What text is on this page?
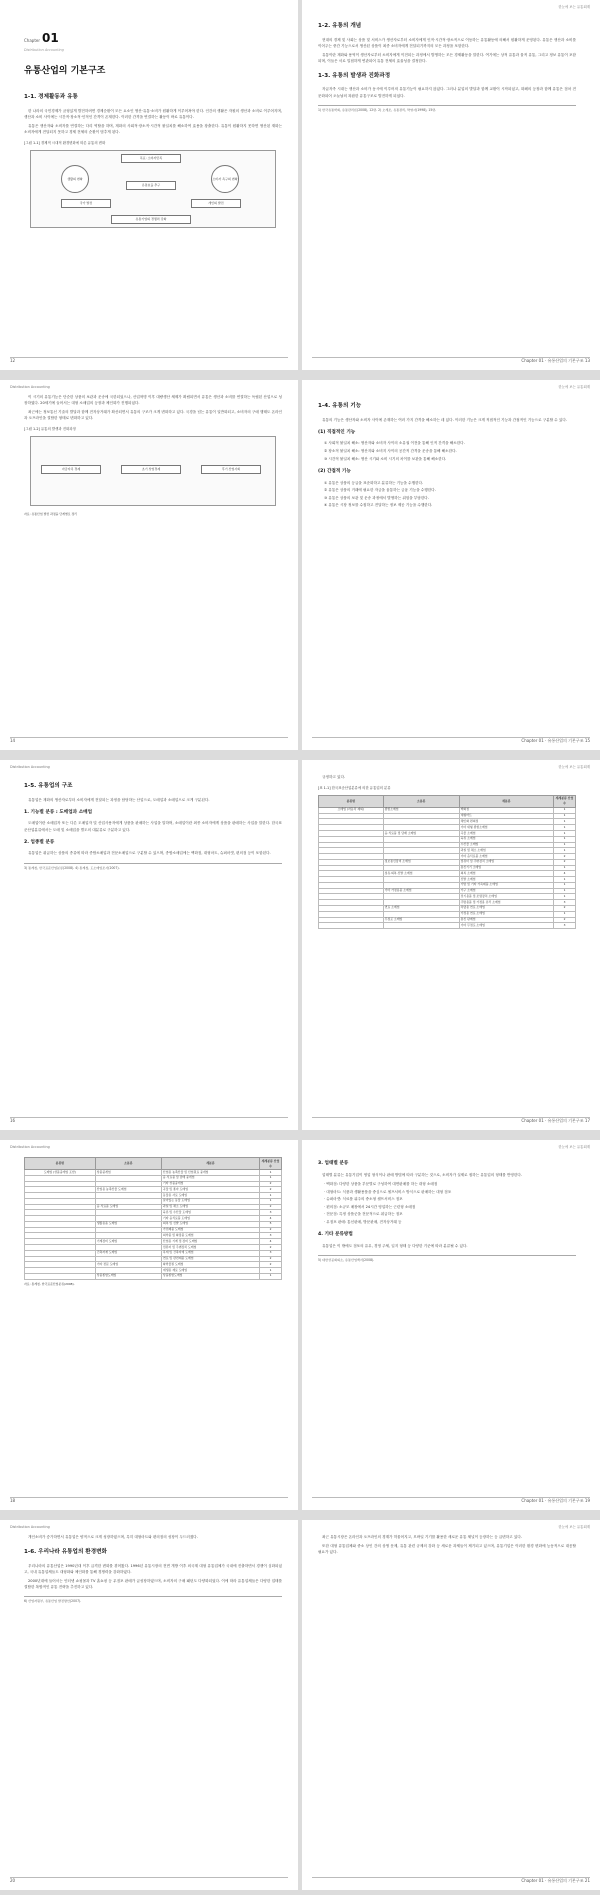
Chapter 01
Distribution Accounting
유통산업의 기본구조
1-1. 경제활동과 유통

한 나라의 국민경제가 균형있게 발전하려면 경제순환이 모든 요소인 생산·유통·소비가 원활하게 이루어져야 한다. 인간의 생활은 자원의 생산과 소비로 이루어지며, 생산과 소비 사이에는 시간적·장소적·인적인 간격이 존재한다. 이러한 간격을 연결하는 활동이 바로 유통이다.

유통은 생산자와 소비자를 연결하는 다리 역할을 하며, 재화의 사회적·장소적·시간적 불일치를 해소하여 효용을 창출한다. 유통이 원활하지 못하면 생산된 재화는 소비자에게 전달되지 못하고 경제 전체의 순환이 멈추게 된다.

[그림 1-1] 경제적 시대적 환경변화에 따른 유통의 변화
목표: 소비자만족
생활의 변화
유통효율 추구
소비자 욕구의 변화
국가 발전	개인의 발전
유통기업의 경쟁력 강화
12
한눈에 보는 유통회계
1-2. 유통의 개념

현대의 경제 및 사회는 상품 및 서비스가 생산자로부터 소비자에게 인적·시간적·장소적으로 이동하는 유통활동에 의해서 원활하게 운영된다. 유통은 생산과 소비를 이어주는 중간 기능으로서 생산된 상품이 최종 소비자에게 전달되기까지의 모든 과정을 포함한다.

유통이란 재화와 용역이 생산자로부터 소비자에게 이전되는 과정에서 발생하는 모든 경제활동을 말한다. 여기에는 상적 유통과 물적 유통, 그리고 정보 유통이 포함되며, 이들은 서로 밀접하게 연관되어 유통 전체의 효율성을 결정한다.

1-3. 유통의 발생과 진화과정

자급자족 시대는 생산과 소비가 동시에 이루어져 유통기능이 필요하지 않았다. 그러나 분업의 발달과 함께 교환이 시작되었고, 화폐의 등장과 함께 유통은 점차 전문화되어 오늘날의 복잡한 유통구조로 발전하게 되었다.

1) 한국유통학회, 유통관리론(2008), 12면. 2) 오세조, 유통관리, 박영사(1998), 15면.
Chapter 01 · 유통산업의 기본구조 13
Distribution Accounting

이 시기의 유통기능은 단순한 상품의 보관과 운송에 국한되었으나, 산업혁명 이후 대량생산 체제가 확립되면서 유통은 생산과 소비를 연결하는 독립된 산업으로 성장하였다. 20세기에 들어서는 대형 소매업의 등장과 체인화가 진행되었다.

최근에는 정보통신 기술의 발달과 함께 전자상거래가 확산되면서 유통의 구조가 크게 변화하고 있다. 국경을 넘는 유통이 일반화되고, 소비자의 구매 행태도 온라인과 오프라인을 결합한 형태로 변화하고 있다.

[그림 1-2] 유통의 발생과 진화과정
자급자족 경제	초기 상업경제	후기 산업사회
자료: 유통산업 발전 과정을 단계별로 정리
14
한눈에 보는 유통회계
1-4. 유통의 기능

유통의 기능은 생산자와 소비자 사이에 존재하는 여러 가지 간격을 해소하는 데 있다. 이러한 기능은 크게 직접적인 기능과 간접적인 기능으로 구분할 수 있다.

(1) 직접적인 기능

① 사회적 불일치 해소: 생산자와 소비자 사이의 소유권 이전을 통해 인적 간격을 해소한다.

② 장소적 불일치 해소: 생산지와 소비지 사이의 공간적 간격을 운송을 통해 해소한다.

③ 시간적 불일치 해소: 생산 시기와 소비 시기의 차이를 보관을 통해 해소한다.

(2) 간접적 기능

① 유통은 상품의 등급을 표준화하고 분류하는 기능을 수행한다.

② 유통은 상품의 거래에 필요한 자금을 융통하는 금융 기능을 수행한다.

③ 유통은 상품의 보관 및 운송 과정에서 발생하는 위험을 부담한다.

④ 유통은 시장 정보를 수집하고 전달하는 정보 제공 기능을 수행한다.

Chapter 01 · 유통산업의 기본구조 15
Distribution Accounting
1-5. 유통업의 구조

유통업은 재화의 생산자로부터 소비자에게 전달되는 과정을 담당하는 산업으로, 도매업과 소매업으로 크게 구분된다.

1. 기능별 분류 : 도매업과 소매업

도매업이란 소매업자 또는 다른 도매업자 및 산업사용자에게 상품을 판매하는 사업을 말하며, 소매업이란 최종 소비자에게 상품을 판매하는 사업을 말한다. 한국표준산업분류에서는 도매 및 소매업을 별도의 대분류로 구분하고 있다.

2. 업종별 분류

유통업은 취급하는 상품의 종류에 따라 종합소매업과 전문소매업으로 구분할 수 있으며, 종합소매업에는 백화점, 대형마트, 슈퍼마켓, 편의점 등이 포함된다.

3) 통계청, 한국표준산업분류(2008). 4) 통계청, 도소매업조사(2007).
16
한눈에 보는 유통회계

규정하고 있다.

[표 1-1] 한국표준산업분류에 의한 유통업의 분류
분류명	소분류	세분류	세세분류 산업수
소매업 (자동차 제외)	종합소매업	백화점	1
		대형마트	1
		체인화 편의점	1
		기타 대형 종합소매업	1
	음·식료품 및 담배 소매업	곡물 소매업	1
		육류 소매업	1
		수산물 소매업	1
		과실 및 채소 소매업	1
		기타 음식료품 소매업	2
	정보통신장비 소매업	컴퓨터 및 주변장치 소매업	2
		통신기기 소매업	1
	섬유·의복·신발 소매업	의복 소매업	4
		신발 소매업	1
		가방 및 기타 가죽제품 소매업	1
	기타 가정용품 소매업	가구 소매업	1
		전기용품 및 조명장치 소매업	1
		주방용품 및 가정용 유리 소매업	3
	연료 소매업	차량용 연료 소매업	2
		가정용 연료 소매업	1
	무점포 소매업	통신 판매업	2
		기타 무점포 소매업	3
Chapter 01 · 유통산업의 기본구조 17
Distribution Accounting
분류명	소분류	세분류	세세분류 산업수
도매업 (상품중개업 포함)	상품중개업	산업용 농축산물 및 산업원료 중개업	1
		음·식료품 및 담배 중개업	1
		기타 상품중개업	2
	산업용 농축산물 도매업	곡물 및 종자 도매업	2
		동물용 사료 도매업	1
		살아있는 동물 도매업	1
	음·식료품 도매업	과실 및 채소 도매업	2
		육류 및 수산물 도매업	3
		기타 음식료품 도매업	4
	생활용품 도매업	의복 및 신발 도매업	5
		가전제품 도매업	2
		의약품 및 화장품 도매업	3
	기계장비 도매업	산업용 기계 및 장비 도매업	4
		컴퓨터 및 주변장치 도매업	2
	건축자재 도매업	목재 및 건축자재 도매업	3
		연료 및 관련제품 도매업	2
	기타 전문 도매업	화학물질 도매업	2
		재생용 재료 도매업	1
	상품종합도매업	상품종합도매업	1
자료: 통계청, 한국표준산업분류(2008).
18
한눈에 보는 유통회계
3. 업태별 분류

업태별 분류는 유통기업이 영업 형식이나 판매 방법에 따라 구분하는 것으로, 소비자가 실제로 접하는 유통업의 형태를 반영한다.

· 백화점: 다양한 상품을 부문별로 구성하여 대면판매를 하는 대형 소매점

· 대형마트: 식품과 생활용품을 중심으로 셀프서비스 방식으로 판매하는 대형 점포

· 슈퍼마켓: 식료품 위주의 중소형 셀프서비스 점포

· 편의점: 소규모 매장에서 24시간 영업하는 근린형 소매점

· 전문점: 특정 상품군을 전문적으로 취급하는 점포

· 무점포 판매: 통신판매, 방문판매, 전자상거래 등

4. 기타 분류방법

유통업은 이 밖에도 점포의 유무, 경영 주체, 입지 형태 등 다양한 기준에 따라 분류될 수 있다.

5) 대한상공회의소, 유통산업백서(2008).
Chapter 01 · 유통산업의 기본구조 19
Distribution Accounting

개인소비가 증가하면서 유통업은 양적으로 크게 성장하였으며, 특히 대형마트와 편의점의 성장이 두드러졌다.

1-6. 우리나라 유통업의 환경변화

우리나라의 유통산업은 1990년대 이후 급격한 변화를 겪어왔다. 1996년 유통시장의 전면 개방 이후 외국계 대형 유통업체가 국내에 진출하면서 경쟁이 심화되었고, 국내 유통업체들도 대형화와 체인화를 통해 경쟁력을 강화하였다.

2000년대에 들어서는 인터넷 쇼핑몰과 TV 홈쇼핑 등 무점포 판매가 급성장하였으며, 소비자의 구매 패턴도 다양화되었다. 이에 따라 유통업체들은 다양한 업태를 결합한 복합적인 유통 전략을 추진하고 있다.

6) 산업자원부, 유통산업 발전방안(2007).
20
한눈에 보는 유통회계

최근 유통시장은 온라인과 오프라인의 경계가 허물어지고, 모바일 기기를 활용한 새로운 유통 채널이 등장하는 등 급변하고 있다.

또한 대형 유통업체와 중소 상인 간의 상생 문제, 유통 관련 규제의 강화 등 새로운 과제들이 제기되고 있으며, 유통기업은 이러한 환경 변화에 능동적으로 대응할 필요가 있다.

Chapter 01 · 유통산업의 기본구조 21
